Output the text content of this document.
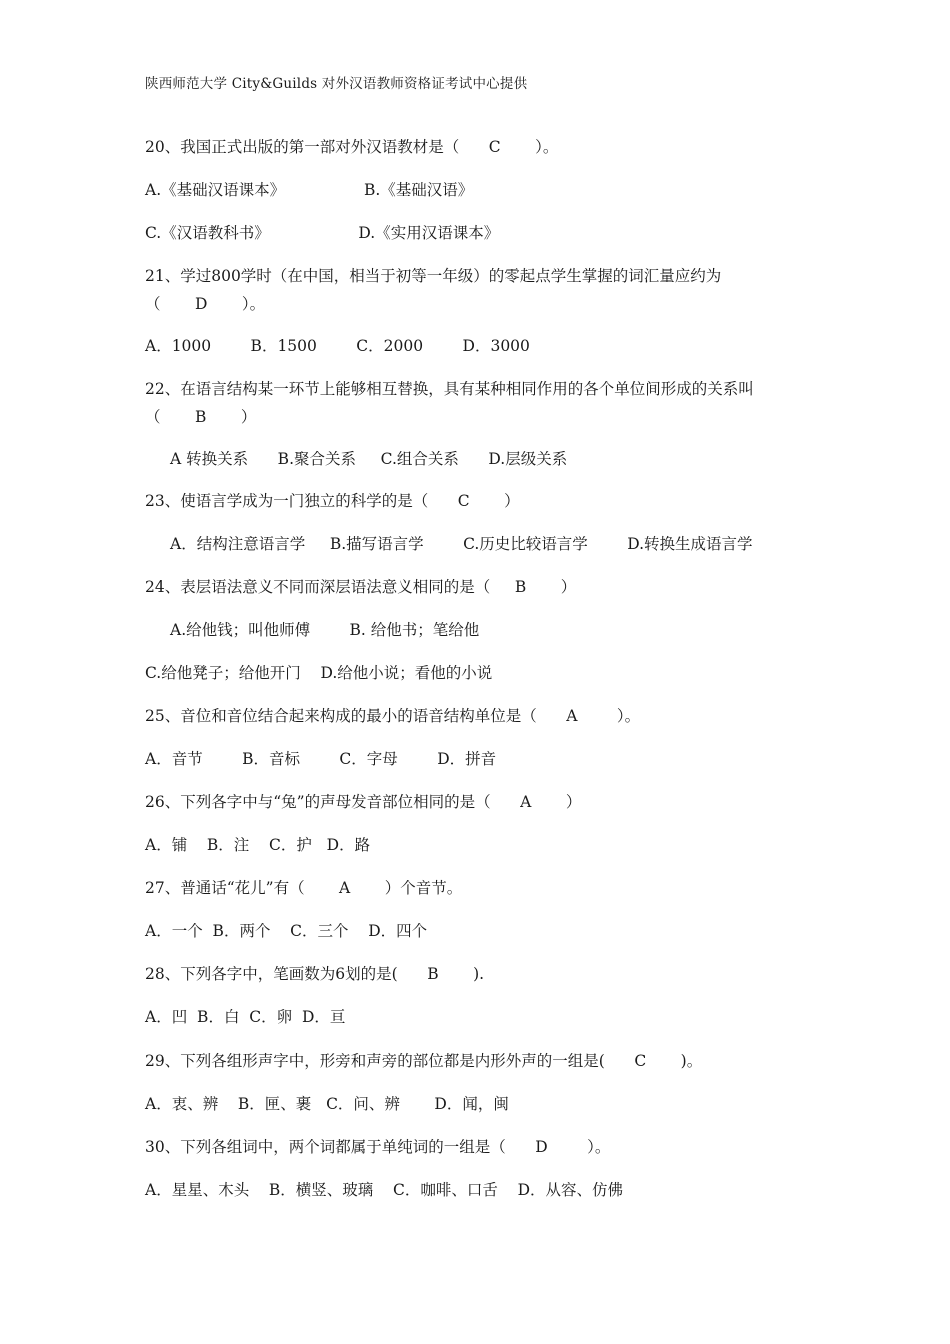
陕西师范大学 City&Guilds 对外汉语教师资格证考试中心提供
20、我国正式出版的第一部对外汉语教材是（      C       ）。
A.《基础汉语课本》                B.《基础汉语》
C.《汉语教科书》                  D.《实用汉语课本》
21、学过800学时（在中国，相当于初等一年级）的零起点学生掌握的词汇量应约为
（       D       ）。
A．1000        B．1500        C．2000        D．3000
22、在语言结构某一环节上能够相互替换，具有某种相同作用的各个单位间形成的关系叫
（       B       ）
A 转换关系      B.聚合关系     C.组合关系      D.层级关系
23、使语言学成为一门独立的科学的是（      C       ）
A．结构注意语言学     B.描写语言学        C.历史比较语言学        D.转换生成语言学
24、表层语法意义不同而深层语法意义相同的是（     B       ）
A.给他钱；叫他师傅        B. 给他书；笔给他
C.给他凳子；给他开门    D.给他小说；看他的小说
25、音位和音位结合起来构成的最小的语音结构单位是（      A        ）。
A．音节        B．音标        C．字母        D．拼音
26、下列各字中与“兔”的声母发音部位相同的是（      A       ）
A．铺    B．注    C．护   D．路
27、普通话“花儿”有（       A       ）个音节。
A．一个  B．两个    C．三个    D．四个
28、下列各字中，笔画数为6划的是(      B       ).
A．凹  B．白  C．卵  D．亘
29、下列各组形声字中，形旁和声旁的部位都是内形外声的一组是(      C       )。
A．衷、辨    B．匣、裹   C．问、辨       D．闻，闽
30、下列各组词中，两个词都属于单纯词的一组是（      D        ）。
A．星星、木头    B．横竖、玻璃    C．咖啡、口舌    D．从容、仿佛
